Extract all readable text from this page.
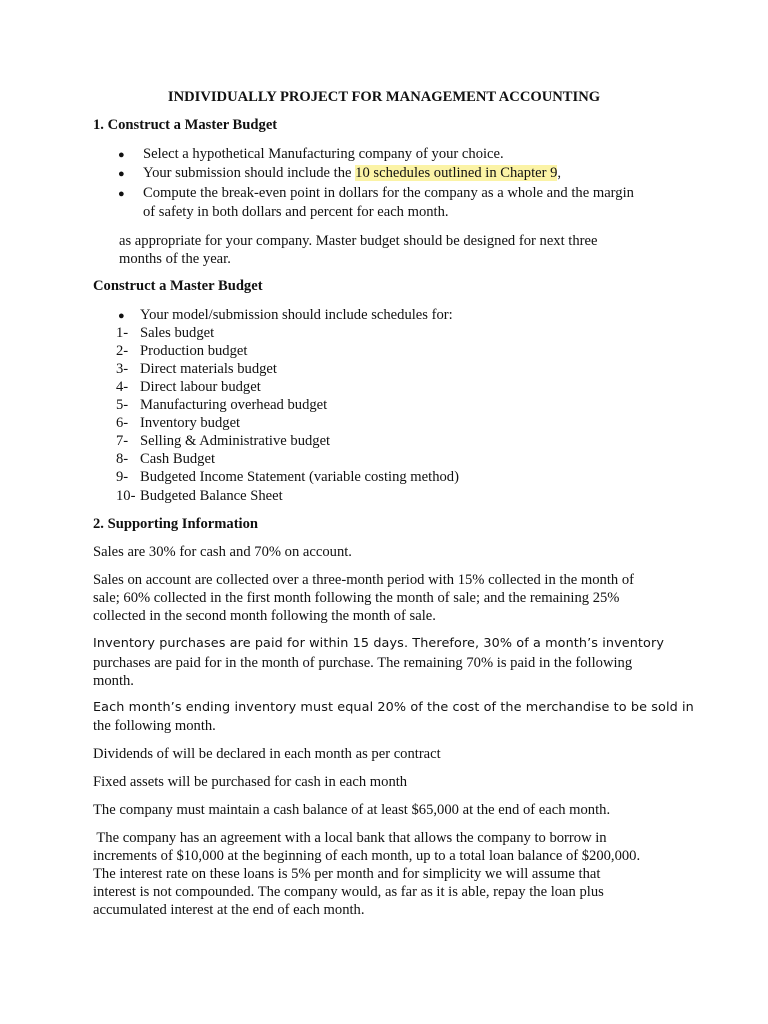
INDIVIDUALLY PROJECT FOR MANAGEMENT ACCOUNTING
1. Construct a Master Budget
● Select a hypothetical Manufacturing company of your choice.
● Your submission should include the 10 schedules outlined in Chapter 9,
● Compute the break-even point in dollars for the company as a whole and the margin
of safety in both dollars and percent for each month.
as appropriate for your company. Master budget should be designed for next three
months of the year.
Construct a Master Budget
● Your model/submission should include schedules for:
1- Sales budget
2- Production budget
3- Direct materials budget
4- Direct labour budget
5- Manufacturing overhead budget
6- Inventory budget
7- Selling & Administrative budget
8- Cash Budget
9- Budgeted Income Statement (variable costing method)
10- Budgeted Balance Sheet
2. Supporting Information
Sales are 30% for cash and 70% on account.
Sales on account are collected over a three-month period with 15% collected in the month of
sale; 60% collected in the first month following the month of sale; and the remaining 25%
collected in the second month following the month of sale.
Inventory purchases are paid for within 15 days. Therefore, 30% of a month’s inventory
purchases are paid for in the month of purchase. The remaining 70% is paid in the following
month.
Each month’s ending inventory must equal 20% of the cost of the merchandise to be sold in
the following month.
Dividends of will be declared in each month as per contract
Fixed assets will be purchased for cash in each month
The company must maintain a cash balance of at least $65,000 at the end of each month.
The company has an agreement with a local bank that allows the company to borrow in
increments of $10,000 at the beginning of each month, up to a total loan balance of $200,000.
The interest rate on these loans is 5% per month and for simplicity we will assume that
interest is not compounded. The company would, as far as it is able, repay the loan plus
accumulated interest at the end of each month.
